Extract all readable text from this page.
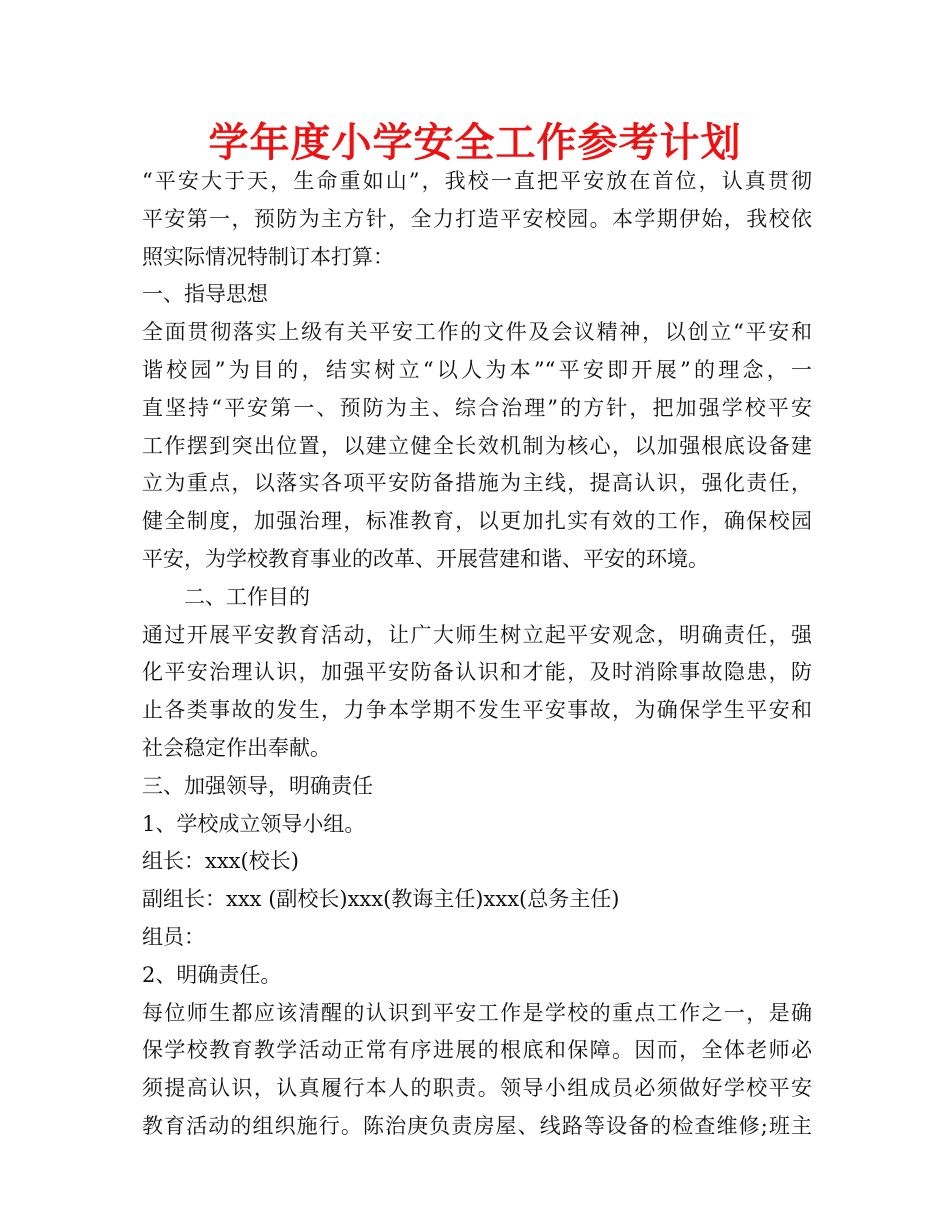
学年度小学安全工作参考计划
“平安大于天，生命重如山”，我校一直把平安放在首位，认真贯彻
平安第一，预防为主方针，全力打造平安校园。本学期伊始，我校依
照实际情况特制订本打算：
一、指导思想
全面贯彻落实上级有关平安工作的文件及会议精神，以创立“平安和
谐校园”为目的，结实树立“以人为本”“平安即开展”的理念，一
直坚持“平安第一、预防为主、综合治理”的方针，把加强学校平安
工作摆到突出位置，以建立健全长效机制为核心，以加强根底设备建
立为重点，以落实各项平安防备措施为主线，提高认识，强化责任，
健全制度，加强治理，标准教育，以更加扎实有效的工作，确保校园
平安，为学校教育事业的改革、开展营建和谐、平安的环境。
二、工作目的
通过开展平安教育活动，让广大师生树立起平安观念，明确责任，强
化平安治理认识，加强平安防备认识和才能，及时消除事故隐患，防
止各类事故的发生，力争本学期不发生平安事故，为确保学生平安和
社会稳定作出奉献。
三、加强领导，明确责任
1、学校成立领导小组。
组长：xxx(校长)
副组长：xxx (副校长)xxx(教诲主任)xxx(总务主任)
组员：
2、明确责任。
每位师生都应该清醒的认识到平安工作是学校的重点工作之一，是确
保学校教育教学活动正常有序进展的根底和保障。因而，全体老师必
须提高认识，认真履行本人的职责。领导小组成员必须做好学校平安
教育活动的组织施行。陈治庚负责房屋、线路等设备的检查维修;班主
